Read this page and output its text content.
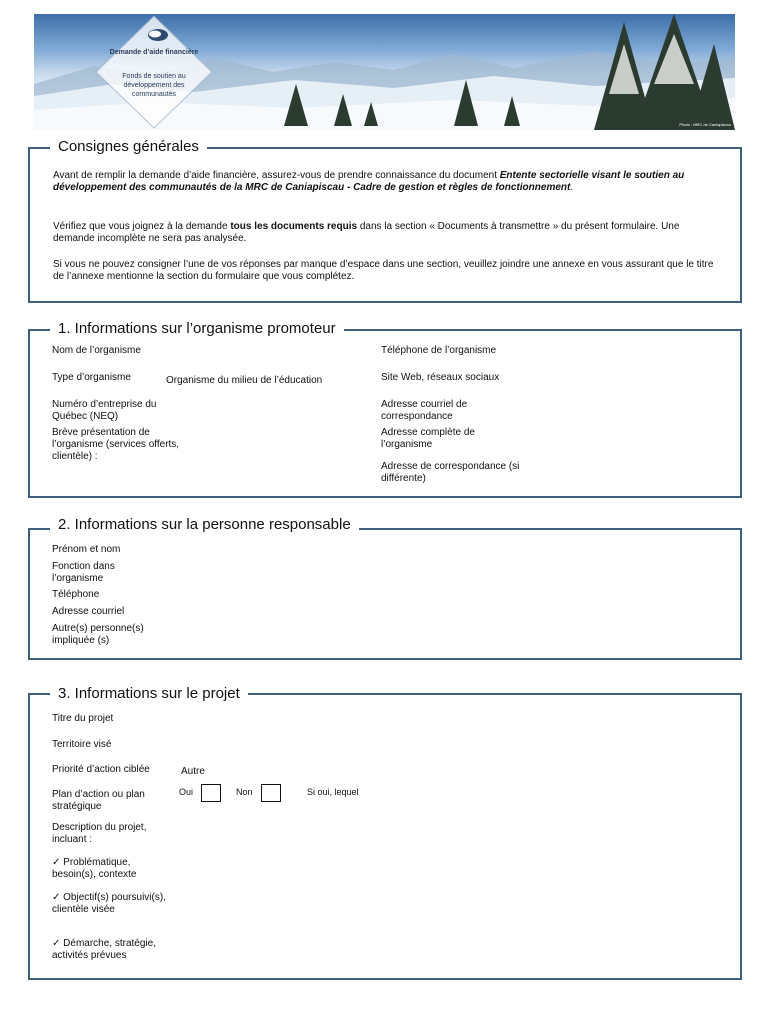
Demande d’aide financière
Fonds de soutien au développement des communautés
Photo : MRC de Caniapiscau
Consignes générales
Avant de remplir la demande d’aide financière, assurez-vous de prendre connaissance du document Entente sectorielle visant le soutien au développement des communautés de la MRC de Caniapiscau - Cadre de gestion et règles de fonctionnement.
Vérifiez que vous joignez à la demande tous les documents requis dans la section « Documents à transmettre » du présent formulaire. Une demande incomplète ne sera pas analysée.
Si vous ne pouvez consigner l’une de vos réponses par manque d’espace dans une section, veuillez joindre une annexe en vous assurant que le titre de l’annexe mentionne la section du formulaire que vous complétez.
1. Informations sur l’organisme promoteur
Nom de l’organisme
Type d’organisme	Organisme du milieu de l’éducation
Numéro d’entreprise du Québec (NEQ)
Brève présentation de l’organisme (services offerts, clientèle) :
Téléphone de l’organisme
Site Web, réseaux sociaux
Adresse courriel de correspondance
Adresse complète de l’organisme
Adresse de correspondance (si différente)
2. Informations sur la personne responsable
Prénom et nom
Fonction dans l’organisme
Téléphone
Adresse courriel
Autre(s) personne(s) impliquée (s)
3. Informations sur le projet
Titre du projet
Territoire visé
Priorité d’action ciblée	Autre
Plan d’action ou plan stratégique
Oui	Non	Si oui, lequel
Description du projet, incluant :
✓ Problématique, besoin(s), contexte
✓ Objectif(s) poursuivi(s), clientèle visée
✓ Démarche, stratégie, activités prévues
